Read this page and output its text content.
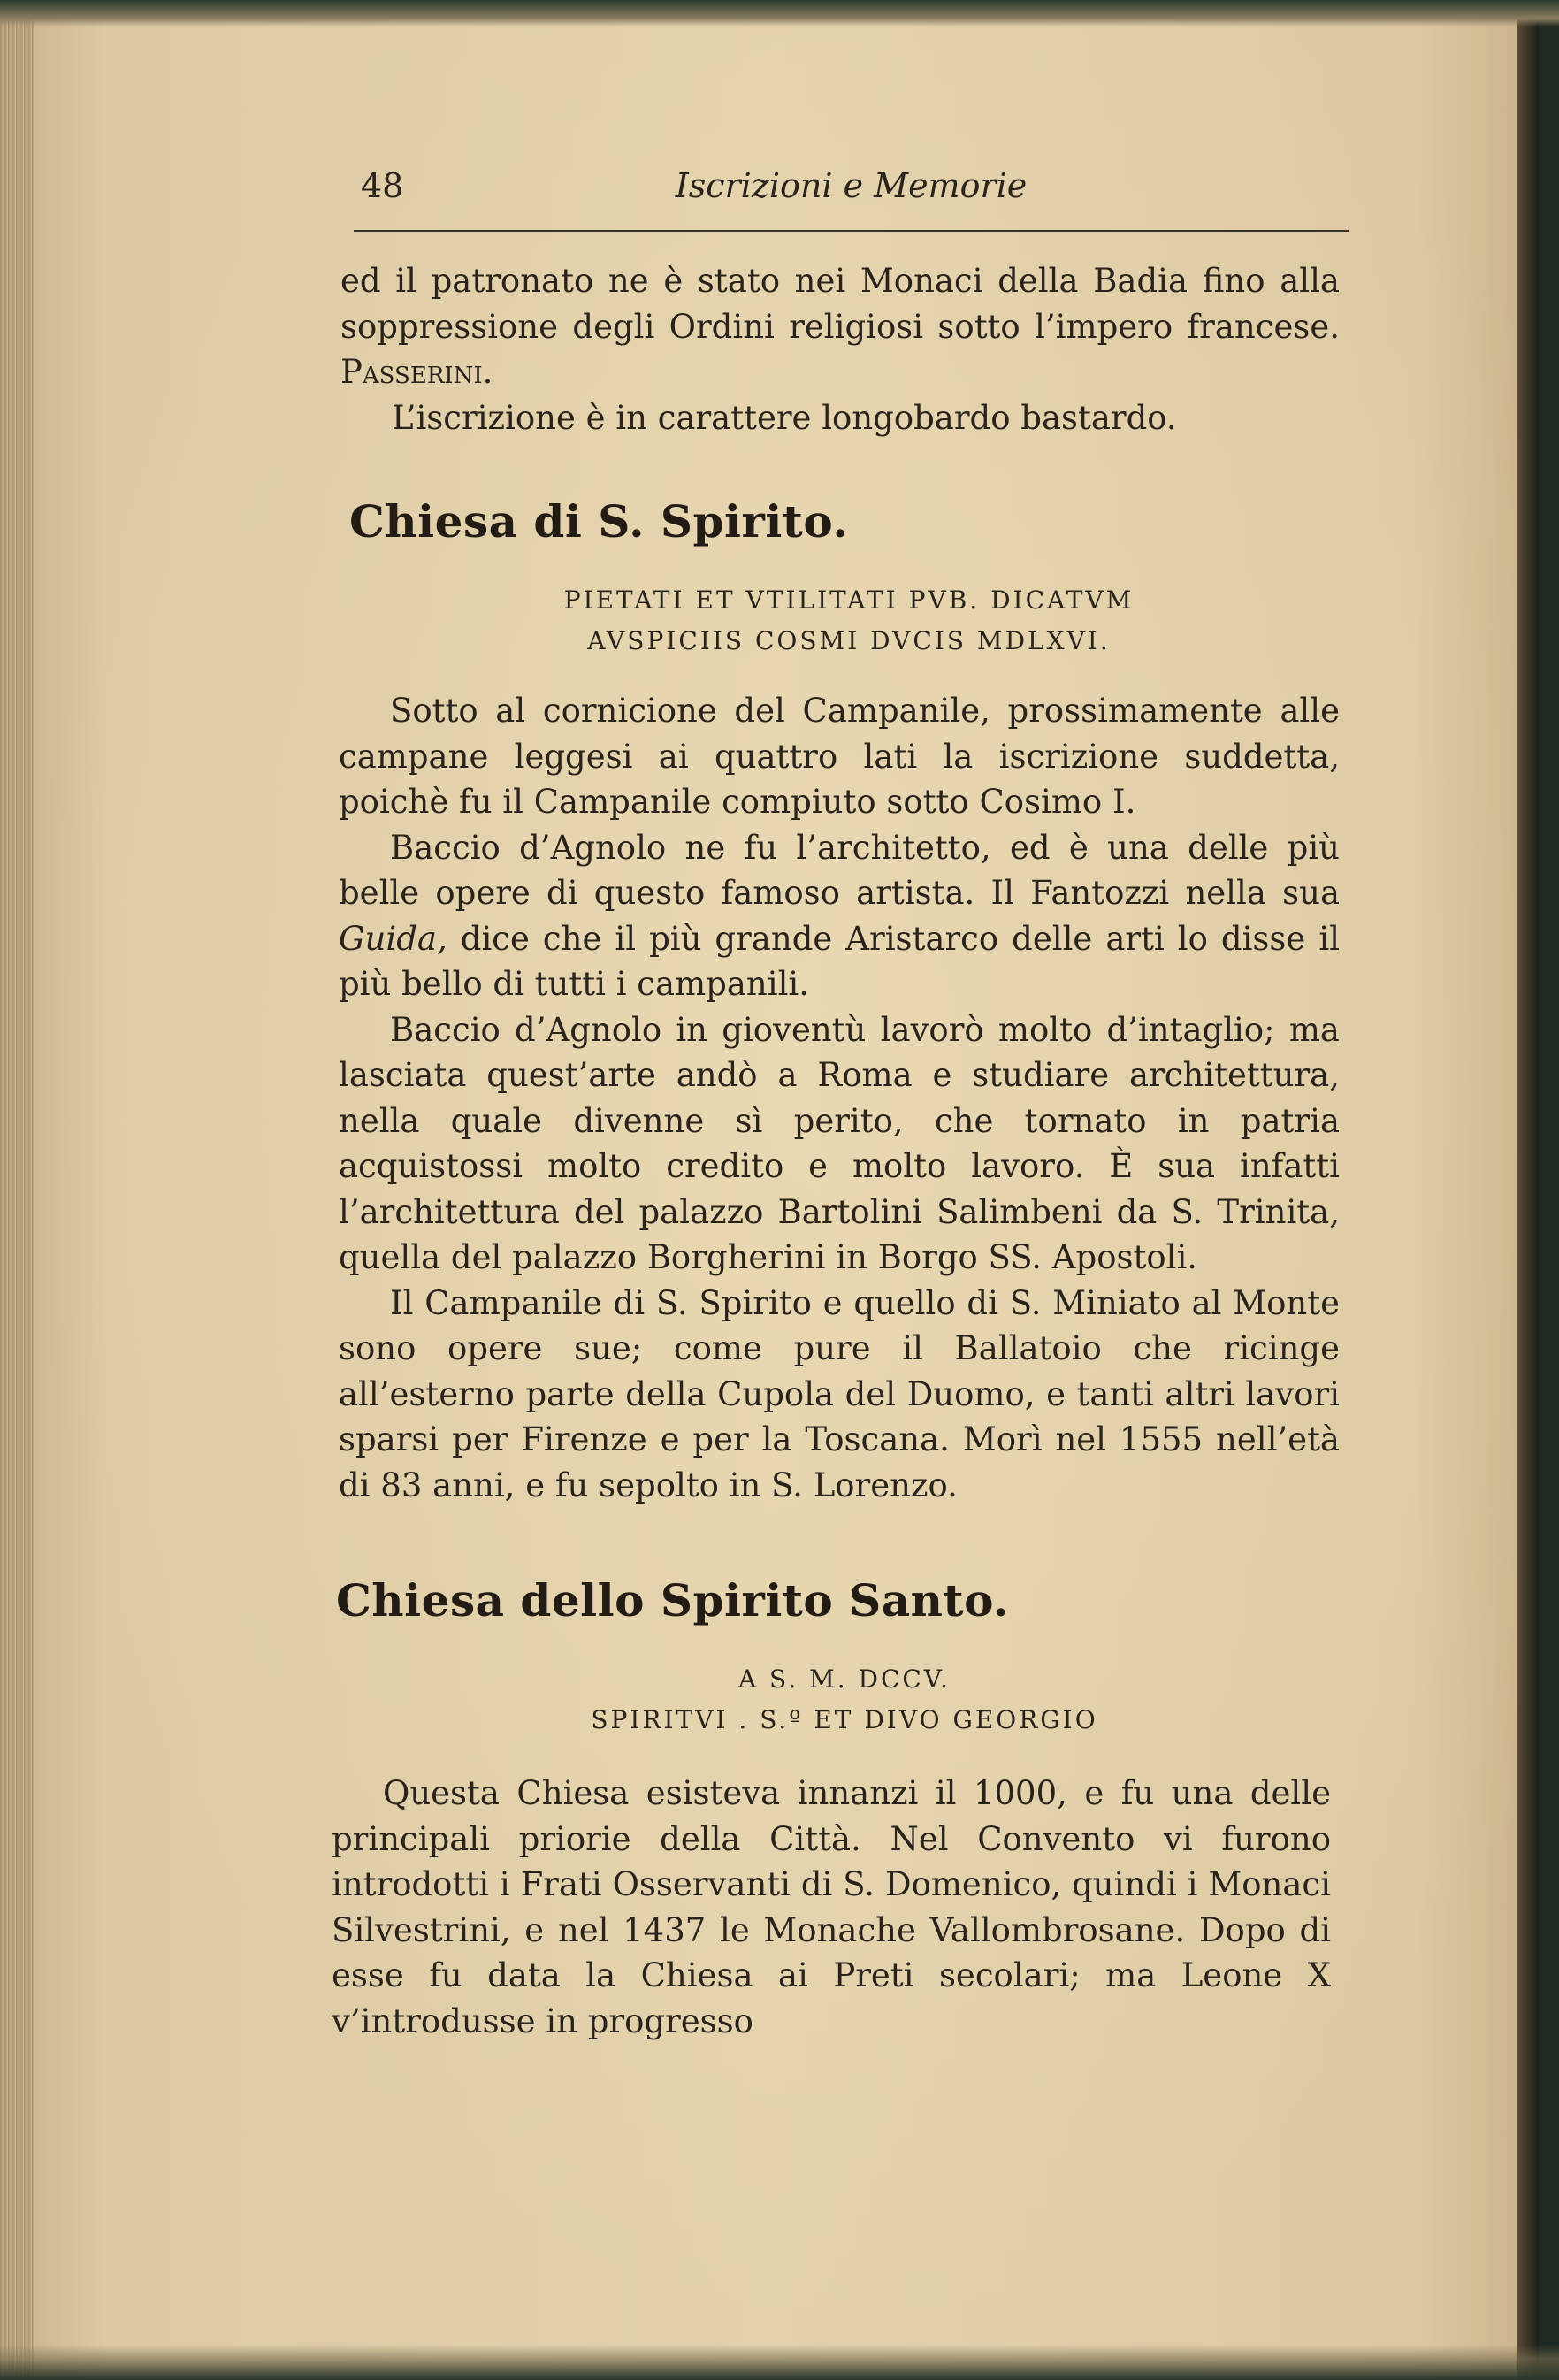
48	Iscrizioni e Memorie

ed il patronato ne è stato nei Monaci della Badia fino alla soppressione degli Ordini religiosi sotto l’impero francese. Passerini.

L’iscrizione è in carattere longobardo bastardo.

Chiesa di S. Spirito.

PIETATI ET VTILITATI PVB. DICATVM

AVSPICIIS COSMI DVCIS MDLXVI.

Sotto al cornicione del Campanile, prossimamente alle campane leggesi ai quattro lati la iscrizione suddetta, poichè fu il Campanile compiuto sotto Cosimo I.

Baccio d’Agnolo ne fu l’architetto, ed è una delle più belle opere di questo famoso artista. Il Fantozzi nella sua Guida, dice che il più grande Aristarco delle arti lo disse il più bello di tutti i campanili.

Baccio d’Agnolo in gioventù lavorò molto d’intaglio; ma lasciata quest’arte andò a Roma e studiare architettura, nella quale divenne sì perito, che tornato in patria acquistossi molto credito e molto lavoro. È sua infatti l’architettura del palazzo Bartolini Salimbeni da S. Trinita, quella del palazzo Borgherini in Borgo SS. Apostoli.

Il Campanile di S. Spirito e quello di S. Miniato al Monte sono opere sue; come pure il Ballatoio che ricinge all’esterno parte della Cupola del Duomo, e tanti altri lavori sparsi per Firenze e per la Toscana. Morì nel 1555 nell’età di 83 anni, e fu sepolto in S. Lorenzo.

Chiesa dello Spirito Santo.

A S. M. DCCV.

SPIRITVI . S.º ET DIVO GEORGIO

Questa Chiesa esisteva innanzi il 1000, e fu una delle principali priorie della Città. Nel Convento vi furono introdotti i Frati Osservanti di S. Domenico, quindi i Monaci Silvestrini, e nel 1437 le Monache Vallombrosane. Dopo di esse fu data la Chiesa ai Preti secolari; ma Leone X v’introdusse in progresso
